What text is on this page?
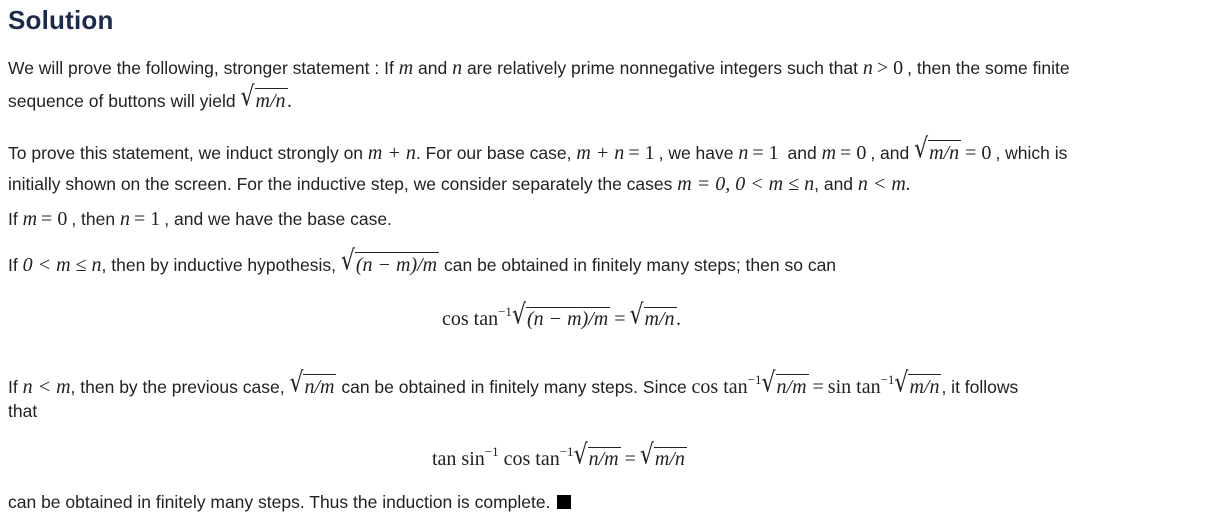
Solution
We will prove the following, stronger statement : If m and n are relatively prime nonnegative integers such that n > 0 , then the some finite
sequence of buttons will yield √m/n .
To prove this statement, we induct strongly on m + n. For our base case, m + n = 1 , we have n = 1 and m = 0 , and √m/n = 0 , which is
initially shown on the screen. For the inductive step, we consider separately the cases m = 0, 0 < m ≤ n, and n < m.
If m = 0 , then n = 1 , and we have the base case.
If 0 < m ≤ n, then by inductive hypothesis, √(n − m)/m can be obtained in finitely many steps; then so can
$\cos \tan^{-1}√(n - m)/m = √m/n$ .
If n < m, then by the previous case, √n/m can be obtained in finitely many steps. Since $\cos \tan^{-1}√n/m = \sin \tan^{-1}√m/n$ , it follows
that
$\tan \sin^{-1} \cos \tan^{-1}√n/m = √m/n$
can be obtained in finitely many steps. Thus the induction is complete.
